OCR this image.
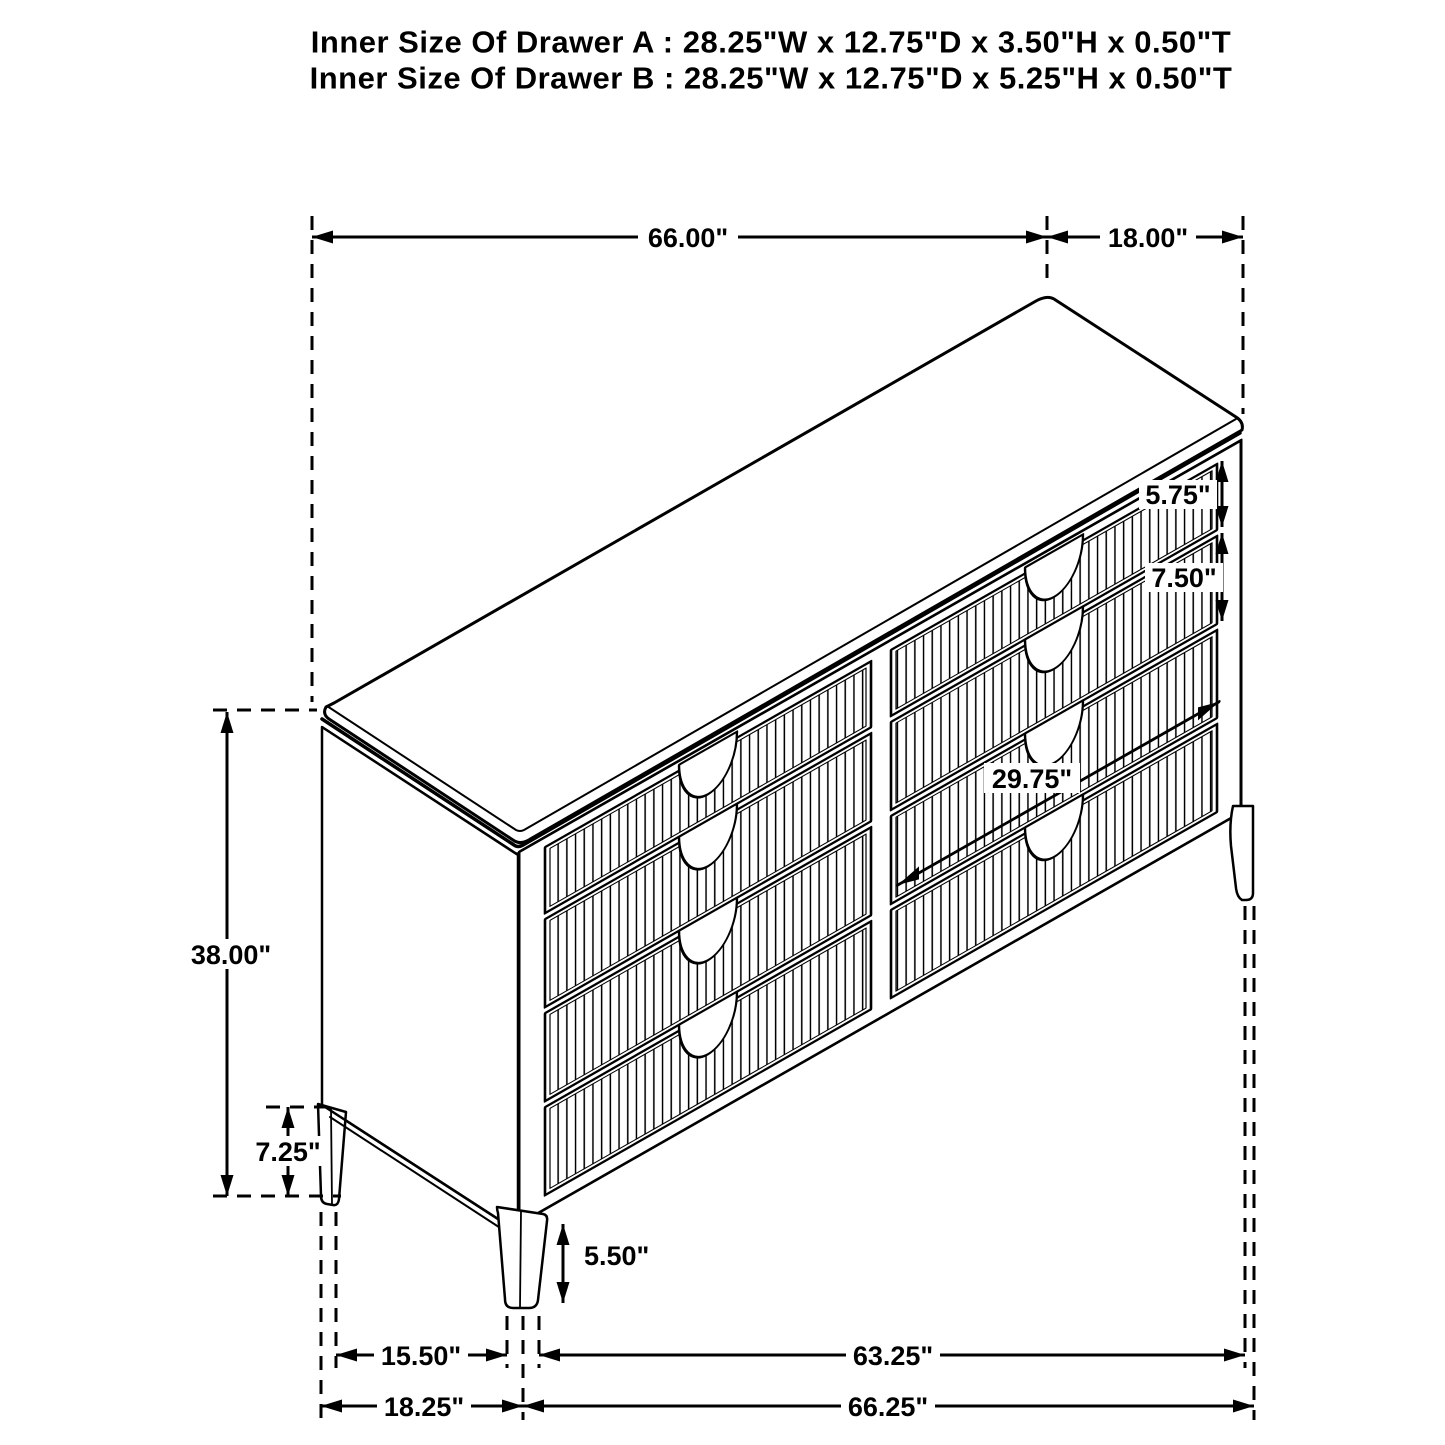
Inner Size Of Drawer A : 28.25"W x 12.75"D x 3.50"H x 0.50"T
Inner Size Of Drawer B : 28.25"W x 12.75"D x 5.25"H x 0.50"T
66.00"	18.00"
5.75"
7.50"
29.75"
38.00"
7.25"
5.50"
15.50"
18.25"
63.25"
66.25"
